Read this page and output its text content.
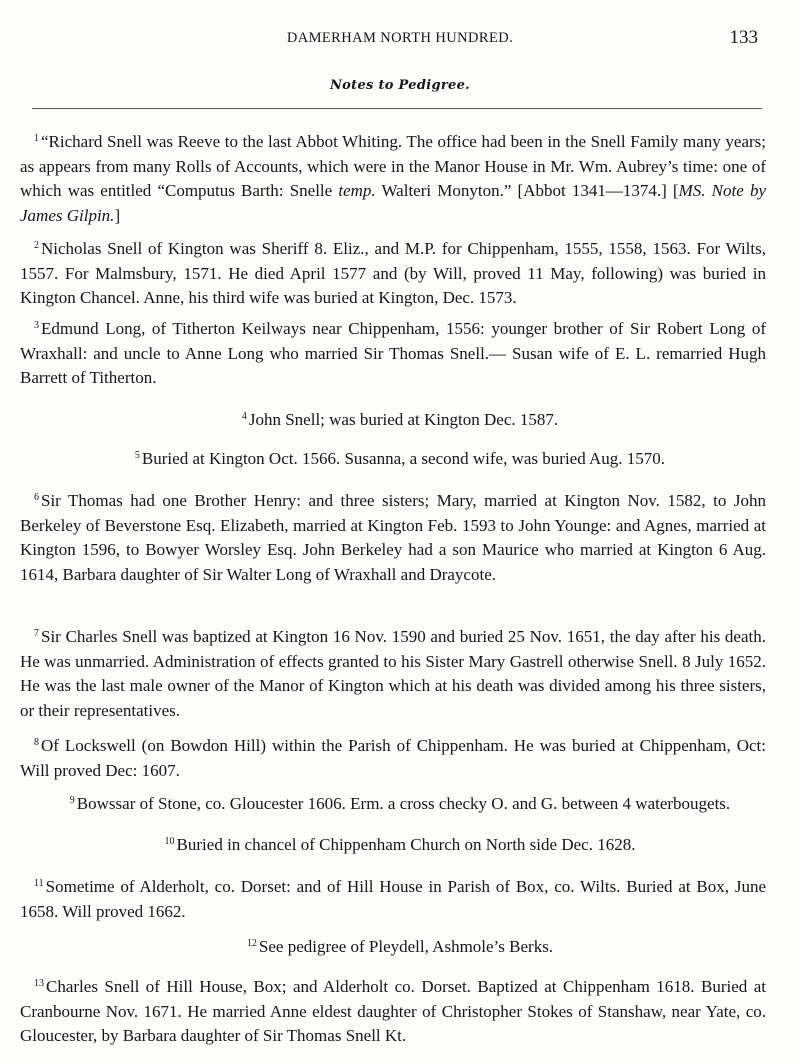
DAMERHAM NORTH HUNDRED.	133
Notes to Pedigree.
$^1$ “Richard Snell was Reeve to the last Abbot Whiting. The office had been in the Snell Family many years; as appears from many Rolls of Accounts, which were in the Manor House in Mr. Wm. Aubrey’s time: one of which was entitled “Computus Barth: Snelle temp. Walteri Monyton.” [Abbot 1341—1374.] [MS. Note by James Gilpin.]
$^2$ Nicholas Snell of Kington was Sheriff 8. Eliz., and M.P. for Chippenham, 1555, 1558, 1563. For Wilts, 1557. For Malmsbury, 1571. He died April 1577 and (by Will, proved 11 May, following) was buried in Kington Chancel. Anne, his third wife was buried at Kington, Dec. 1573.
$^3$ Edmund Long, of Titherton Keilways near Chippenham, 1556: younger brother of Sir Robert Long of Wraxhall: and uncle to Anne Long who married Sir Thomas Snell.— Susan wife of E. L. remarried Hugh Barrett of Titherton.
$^4$ John Snell; was buried at Kington Dec. 1587.
$^5$ Buried at Kington Oct. 1566. Susanna, a second wife, was buried Aug. 1570.
$^6$ Sir Thomas had one Brother Henry: and three sisters; Mary, married at Kington Nov. 1582, to John Berkeley of Beverstone Esq. Elizabeth, married at Kington Feb. 1593 to John Younge: and Agnes, married at Kington 1596, to Bowyer Worsley Esq. John Berkeley had a son Maurice who married at Kington 6 Aug. 1614, Barbara daughter of Sir Walter Long of Wraxhall and Draycote.
$^7$ Sir Charles Snell was baptized at Kington 16 Nov. 1590 and buried 25 Nov. 1651, the day after his death. He was unmarried. Administration of effects granted to his Sister Mary Gastrell otherwise Snell. 8 July 1652. He was the last male owner of the Manor of Kington which at his death was divided among his three sisters, or their representatives.
$^8$ Of Lockswell (on Bowdon Hill) within the Parish of Chippenham. He was buried at Chippenham, Oct: Will proved Dec: 1607.
$^9$ Bowssar of Stone, co. Gloucester 1606. Erm. a cross checky O. and G. between 4 waterbougets.
$^{10}$ Buried in chancel of Chippenham Church on North side Dec. 1628.
$^{11}$ Sometime of Alderholt, co. Dorset: and of Hill House in Parish of Box, co. Wilts. Buried at Box, June 1658. Will proved 1662.
$^{12}$ See pedigree of Pleydell, Ashmole’s Berks.
$^{13}$ Charles Snell of Hill House, Box; and Alderholt co. Dorset. Baptized at Chippenham 1618. Buried at Cranbourne Nov. 1671. He married Anne eldest daughter of Christopher Stokes of Stanshaw, near Yate, co. Gloucester, by Barbara daughter of Sir Thomas Snell Kt.
